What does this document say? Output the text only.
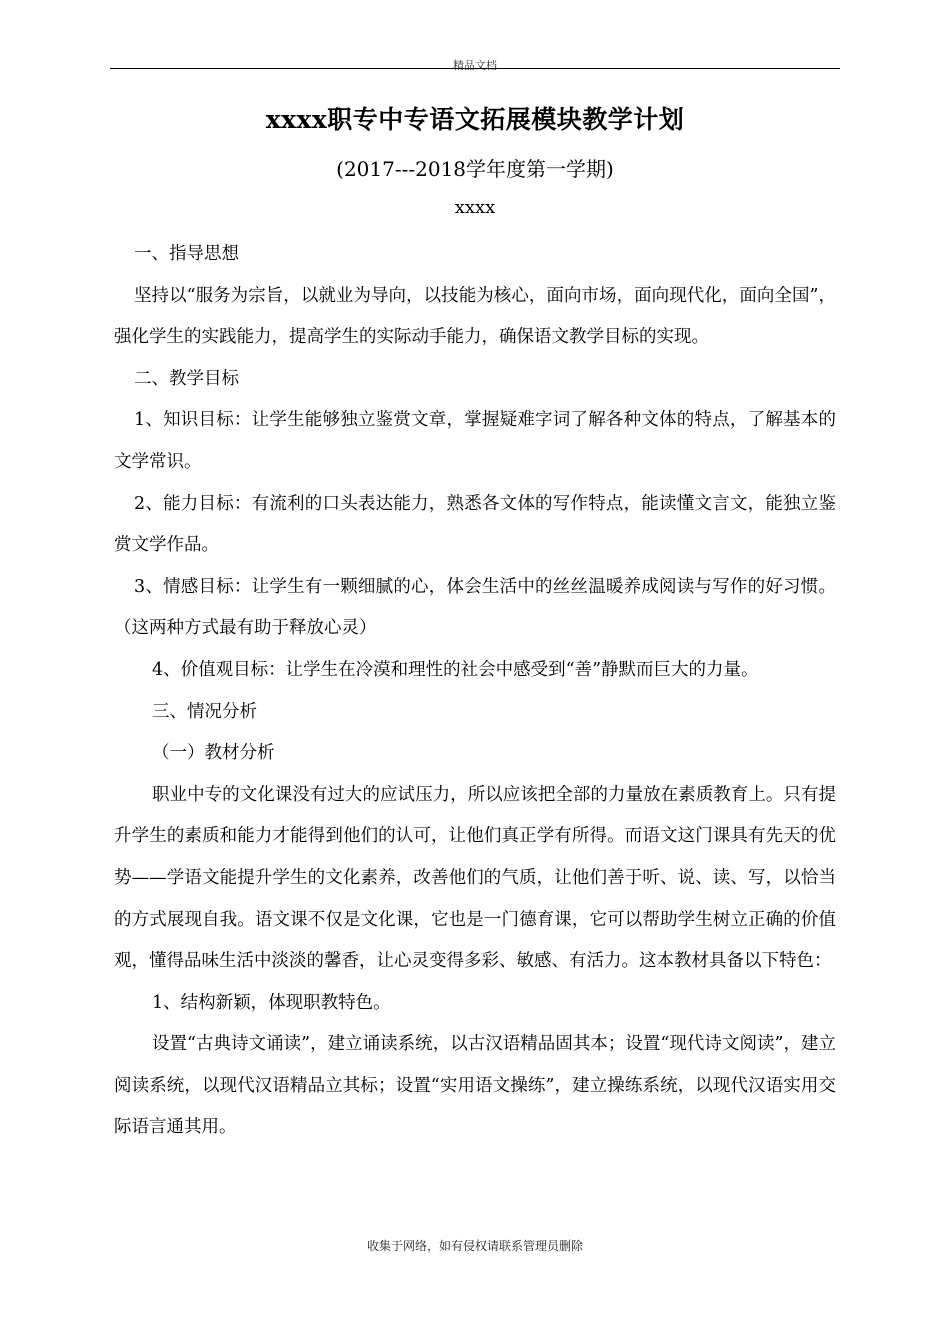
精品文档
xxxx职专中专语文拓展模块教学计划
(2017---2018学年度第一学期)
xxxx

一、指导思想

坚持以“服务为宗旨，以就业为导向，以技能为核心，面向市场，面向现代化，面向全国”，强化学生的实践能力，提高学生的实际动手能力，确保语文教学目标的实现。

二、教学目标

1、知识目标：让学生能够独立鉴赏文章，掌握疑难字词了解各种文体的特点，了解基本的文学常识。

2、能力目标：有流利的口头表达能力，熟悉各文体的写作特点，能读懂文言文，能独立鉴赏文学作品。

3、情感目标：让学生有一颗细腻的心，体会生活中的丝丝温暖养成阅读与写作的好习惯。（这两种方式最有助于释放心灵）

4、价值观目标：让学生在冷漠和理性的社会中感受到“善”静默而巨大的力量。

三、情况分析

（一）教材分析

职业中专的文化课没有过大的应试压力，所以应该把全部的力量放在素质教育上。只有提升学生的素质和能力才能得到他们的认可，让他们真正学有所得。而语文这门课具有先天的优势——学语文能提升学生的文化素养，改善他们的气质，让他们善于听、说、读、写，以恰当的方式展现自我。语文课不仅是文化课，它也是一门德育课，它可以帮助学生树立正确的价值观，懂得品味生活中淡淡的馨香，让心灵变得多彩、敏感、有活力。这本教材具备以下特色：

1、结构新颖，体现职教特色。

设置“古典诗文诵读”，建立诵读系统，以古汉语精品固其本；设置“现代诗文阅读”，建立阅读系统，以现代汉语精品立其标；设置“实用语文操练”，建立操练系统，以现代汉语实用交际语言通其用。

收集于网络，如有侵权请联系管理员删除
